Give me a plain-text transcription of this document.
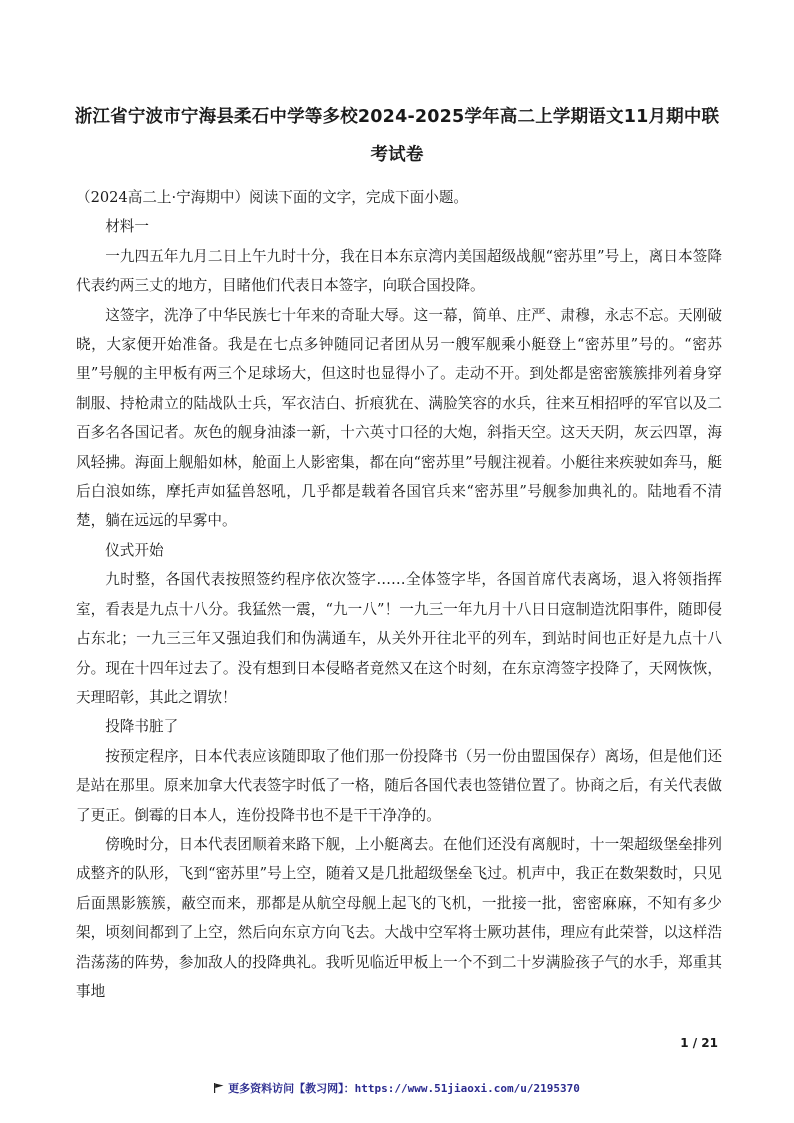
浙江省宁波市宁海县柔石中学等多校2024-2025学年高二上学期语文11月期中联考试卷

（2024高二上·宁海期中）阅读下面的文字，完成下面小题。

材料一

一九四五年九月二日上午九时十分，我在日本东京湾内美国超级战舰“密苏里”号上，离日本签降代表约两三丈的地方，目睹他们代表日本签字，向联合国投降。

这签字，洗净了中华民族七十年来的奇耻大辱。这一幕，简单、庄严、肃穆，永志不忘。天刚破晓，大家便开始准备。我是在七点多钟随同记者团从另一艘军舰乘小艇登上“密苏里”号的。“密苏里”号舰的主甲板有两三个足球场大，但这时也显得小了。走动不开。到处都是密密簇簇排列着身穿制服、持枪肃立的陆战队士兵，军衣洁白、折痕犹在、满脸笑容的水兵，往来互相招呼的军官以及二百多名各国记者。灰色的舰身油漆一新，十六英寸口径的大炮，斜指天空。这天天阴，灰云四罩，海风轻拂。海面上舰船如林，舱面上人影密集，都在向“密苏里”号舰注视着。小艇往来疾驶如奔马，艇后白浪如练，摩托声如猛兽怒吼，几乎都是载着各国官兵来“密苏里”号舰参加典礼的。陆地看不清楚，躺在远远的早雾中。

仪式开始

九时整，各国代表按照签约程序依次签字……全体签字毕，各国首席代表离场，退入将领指挥室，看表是九点十八分。我猛然一震，“九一八”！一九三一年九月十八日日寇制造沈阳事件，随即侵占东北；一九三三年又强迫我们和伪满通车，从关外开往北平的列车，到站时间也正好是九点十八分。现在十四年过去了。没有想到日本侵略者竟然又在这个时刻，在东京湾签字投降了，天网恢恢，天理昭彰，其此之谓欤！

投降书脏了

按预定程序，日本代表应该随即取了他们那一份投降书（另一份由盟国保存）离场，但是他们还是站在那里。原来加拿大代表签字时低了一格，随后各国代表也签错位置了。协商之后，有关代表做了更正。倒霉的日本人，连份投降书也不是干干净净的。

傍晚时分，日本代表团顺着来路下舰，上小艇离去。在他们还没有离舰时，十一架超级堡垒排列成整齐的队形，飞到“密苏里”号上空，随着又是几批超级堡垒飞过。机声中，我正在数架数时，只见后面黑影簇簇，蔽空而来，那都是从航空母舰上起飞的飞机，一批接一批，密密麻麻，不知有多少架，顷刻间都到了上空，然后向东京方向飞去。大战中空军将士厥功甚伟，理应有此荣誉，以这样浩浩荡荡的阵势，参加敌人的投降典礼。我听见临近甲板上一个不到二十岁满脸孩子气的水手，郑重其事地

1 / 21
更多资料访问【教习网】：https://www.51jiaoxi.com/u/2195370
